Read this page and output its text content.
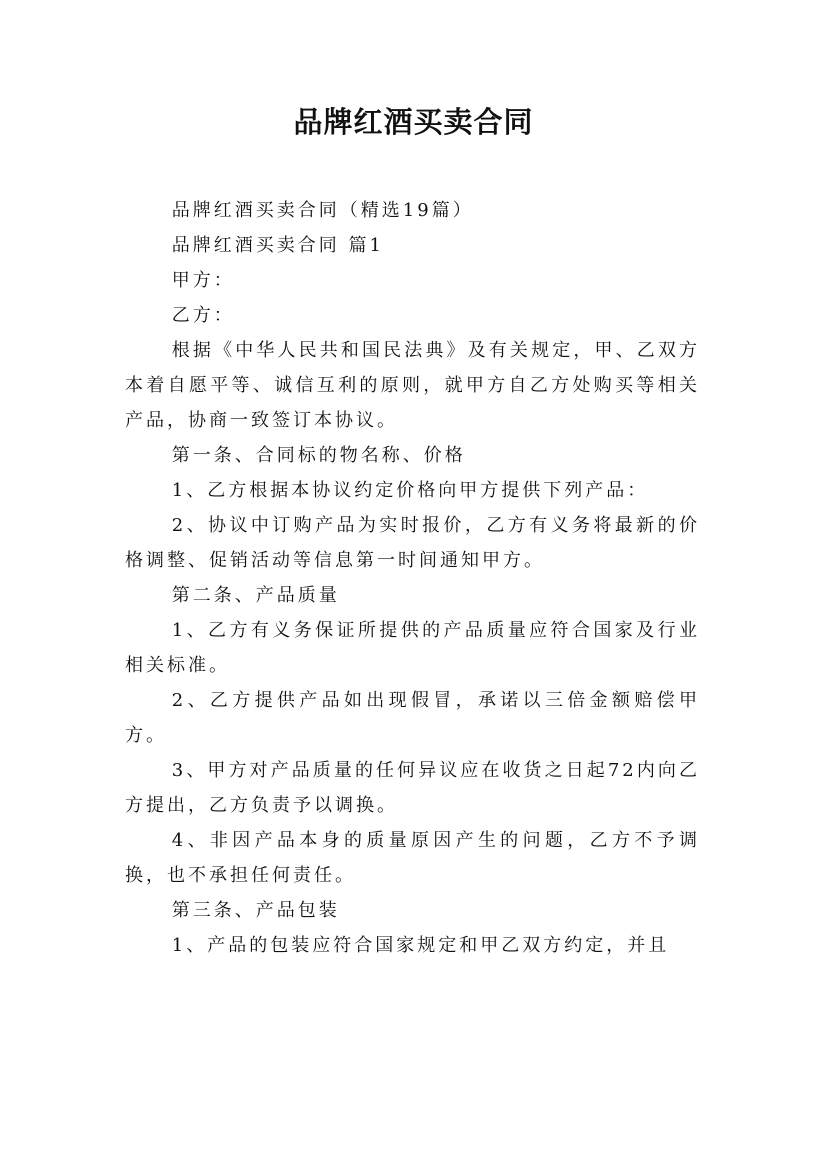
品牌红酒买卖合同

品牌红酒买卖合同（精选19篇）

品牌红酒买卖合同 篇1

甲方：

乙方：

根据《中华人民共和国民法典》及有关规定，甲、乙双方本着自愿平等、诚信互利的原则，就甲方自乙方处购买等相关产品，协商一致签订本协议。

第一条、合同标的物名称、价格

1、乙方根据本协议约定价格向甲方提供下列产品：

2、协议中订购产品为实时报价，乙方有义务将最新的价格调整、促销活动等信息第一时间通知甲方。

第二条、产品质量

1、乙方有义务保证所提供的产品质量应符合国家及行业相关标准。

2、乙方提供产品如出现假冒，承诺以三倍金额赔偿甲方。

3、甲方对产品质量的任何异议应在收货之日起72内向乙方提出，乙方负责予以调换。

4、非因产品本身的质量原因产生的问题，乙方不予调换，也不承担任何责任。

第三条、产品包装

1、产品的包装应符合国家规定和甲乙双方约定，并且
